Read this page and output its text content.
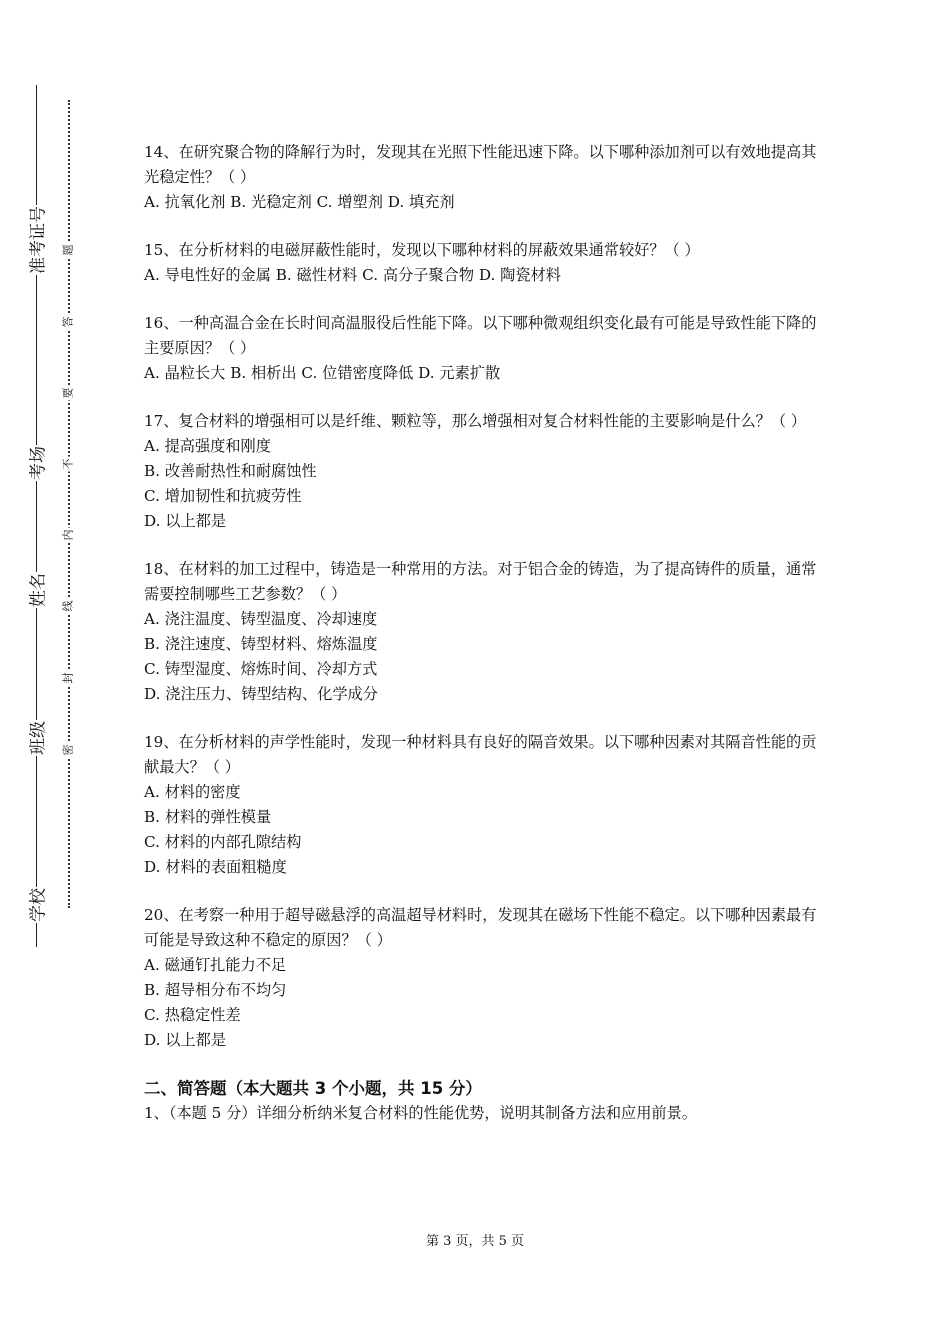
准考证号
考场
姓名
班级
学校
题
答
要
不
内
线
封
密

14、在研究聚合物的降解行为时，发现其在光照下性能迅速下降。以下哪种添加剂可以有效地提高其光稳定性？（ ）

A. 抗氧化剂 B. 光稳定剂 C. 增塑剂 D. 填充剂

15、在分析材料的电磁屏蔽性能时，发现以下哪种材料的屏蔽效果通常较好？（ ）

A. 导电性好的金属 B. 磁性材料 C. 高分子聚合物 D. 陶瓷材料

16、一种高温合金在长时间高温服役后性能下降。以下哪种微观组织变化最有可能是导致性能下降的主要原因？（ ）

A. 晶粒长大 B. 相析出 C. 位错密度降低 D. 元素扩散

17、复合材料的增强相可以是纤维、颗粒等，那么增强相对复合材料性能的主要影响是什么？（ ）

A. 提高强度和刚度

B. 改善耐热性和耐腐蚀性

C. 增加韧性和抗疲劳性

D. 以上都是

18、在材料的加工过程中，铸造是一种常用的方法。对于铝合金的铸造，为了提高铸件的质量，通常需要控制哪些工艺参数？（ ）

A. 浇注温度、铸型温度、冷却速度

B. 浇注速度、铸型材料、熔炼温度

C. 铸型湿度、熔炼时间、冷却方式

D. 浇注压力、铸型结构、化学成分

19、在分析材料的声学性能时，发现一种材料具有良好的隔音效果。以下哪种因素对其隔音性能的贡献最大？（ ）

A. 材料的密度

B. 材料的弹性模量

C. 材料的内部孔隙结构

D. 材料的表面粗糙度

20、在考察一种用于超导磁悬浮的高温超导材料时，发现其在磁场下性能不稳定。以下哪种因素最有可能是导致这种不稳定的原因？（ ）

A. 磁通钉扎能力不足

B. 超导相分布不均匀

C. 热稳定性差

D. 以上都是

二、简答题（本大题共 3 个小题，共 15 分）

1、（本题 5 分）详细分析纳米复合材料的性能优势，说明其制备方法和应用前景。

第 3 页，共 5 页
